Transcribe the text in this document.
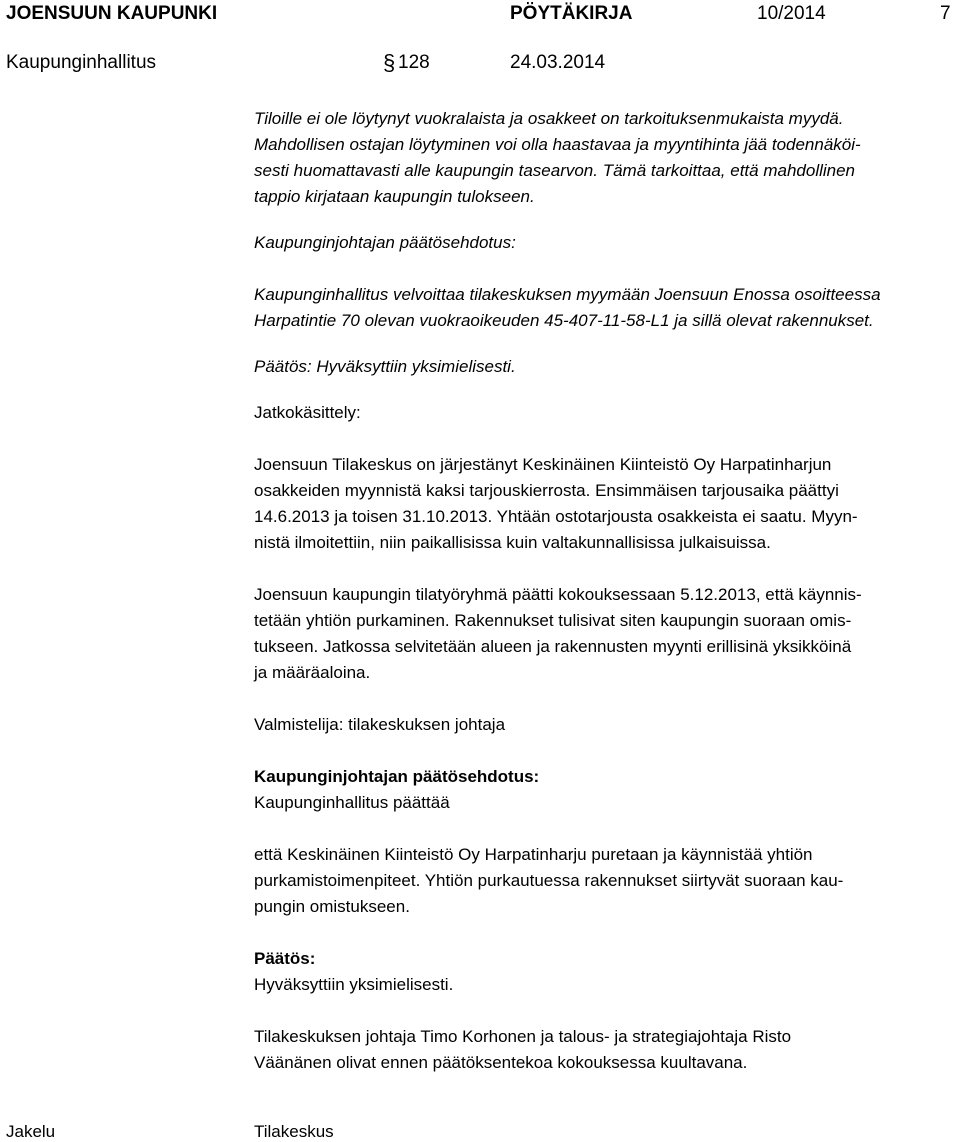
JOENSUUN KAUPUNKI	PÖYTÄKIRJA	10/2014	7
Kaupunginhallitus	§ 128	24.03.2014
Tiloille ei ole löytynyt vuokralaista ja osakkeet on tarkoituksenmukaista myydä.
Mahdollisen ostajan löytyminen voi olla haastavaa ja myyntihinta jää todennäköi-
sesti huomattavasti alle kaupungin tasearvon. Tämä tarkoittaa, että mahdollinen
tappio kirjataan kaupungin tulokseen.
Kaupunginjohtajan päätösehdotus:
Kaupunginhallitus velvoittaa tilakeskuksen myymään Joensuun Enossa osoitteessa
Harpatintie 70 olevan vuokraoikeuden 45-407-11-58-L1 ja sillä olevat rakennukset.
Päätös: Hyväksyttiin yksimielisesti.
Jatkokäsittely:
Joensuun Tilakeskus on järjestänyt Keskinäinen Kiinteistö Oy Harpatinharjun
osakkeiden myynnistä kaksi tarjouskierrosta. Ensimmäisen tarjousaika päättyi
14.6.2013 ja toisen 31.10.2013. Yhtään ostotarjousta osakkeista ei saatu. Myyn-
nistä ilmoitettiin, niin paikallisissa kuin valtakunnallisissa julkaisuissa.
Joensuun kaupungin tilatyöryhmä päätti kokouksessaan 5.12.2013, että käynnis-
tetään yhtiön purkaminen. Rakennukset tulisivat siten kaupungin suoraan omis-
tukseen. Jatkossa selvitetään alueen ja rakennusten myynti erillisinä yksikköinä
ja määräaloina.
Valmistelija: tilakeskuksen johtaja
Kaupunginjohtajan päätösehdotus:
Kaupunginhallitus päättää
että Keskinäinen Kiinteistö Oy Harpatinharju puretaan ja käynnistää yhtiön
purkamistoimenpiteet. Yhtiön purkautuessa rakennukset siirtyvät suoraan kau-
pungin omistukseen.
Päätös:
Hyväksyttiin yksimielisesti.
Tilakeskuksen johtaja Timo Korhonen ja talous- ja strategiajohtaja Risto
Väänänen olivat ennen päätöksentekoa kokouksessa kuultavana.
Jakelu	Tilakeskus
